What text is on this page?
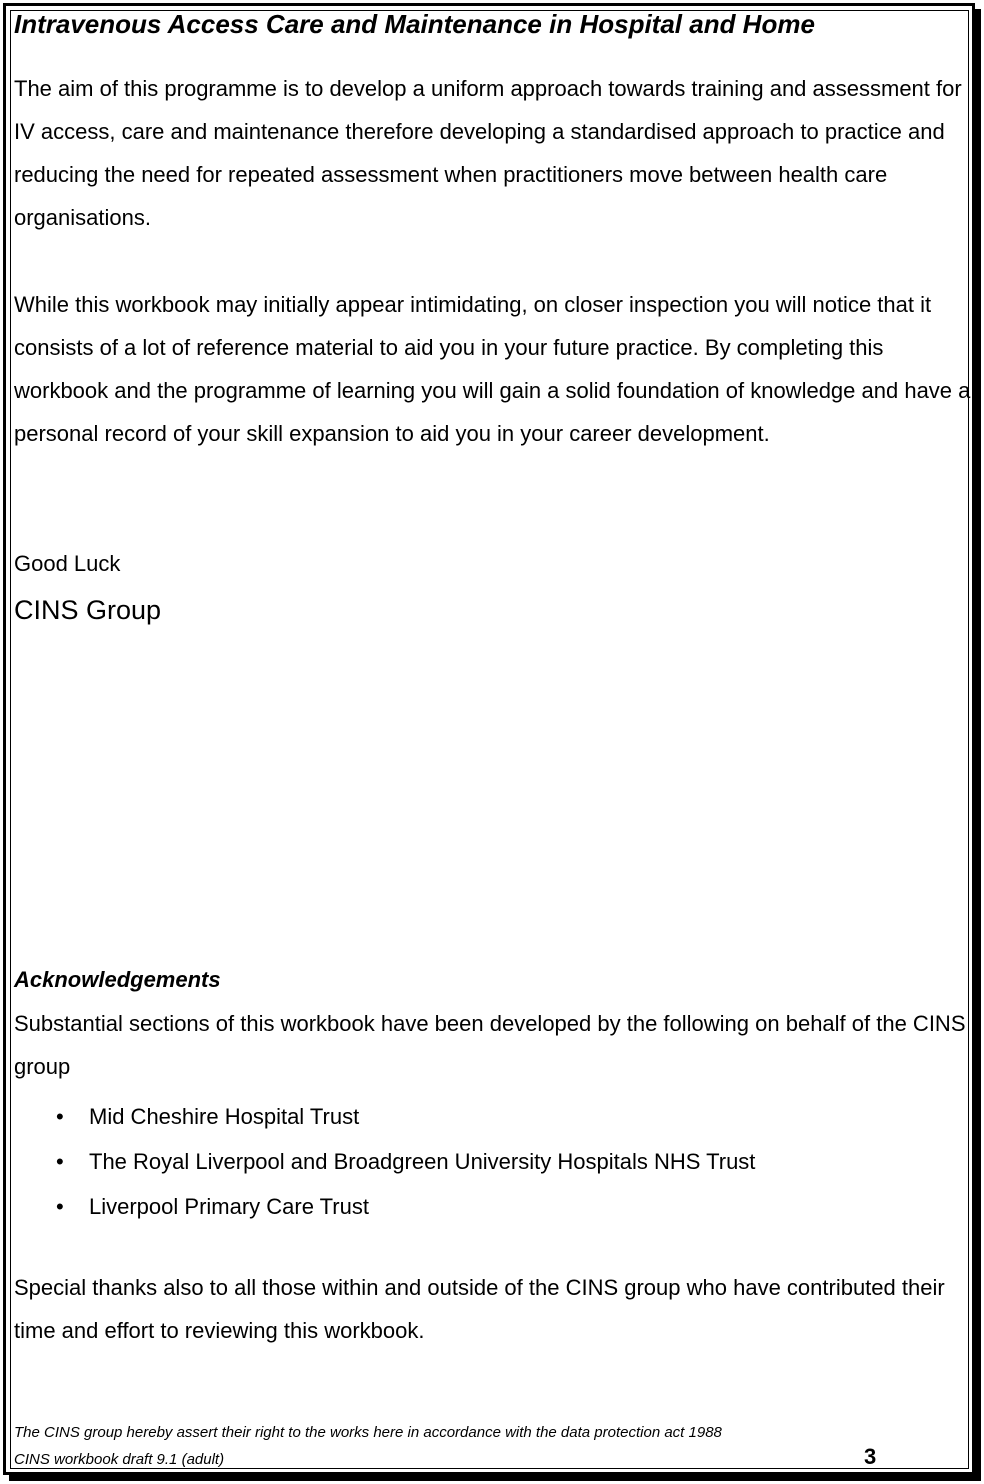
Intravenous Access Care and Maintenance in Hospital and Home

The aim of this programme is to develop a uniform approach towards training and assessment for IV access, care and maintenance therefore developing a standardised approach to practice and reducing the need for repeated assessment when practitioners move between health care organisations.

While this workbook may initially appear intimidating, on closer inspection you will notice that it consists of a lot of reference material to aid you in your future practice. By completing this workbook and the programme of learning you will gain a solid foundation of knowledge and have a personal record of your skill expansion to aid you in your career development.

Good Luck
CINS Group
Acknowledgements

Substantial sections of this workbook have been developed by the following on behalf of the CINS group

• Mid Cheshire Hospital Trust
• The Royal Liverpool and Broadgreen University Hospitals NHS Trust
• Liverpool Primary Care Trust

Special thanks also to all those within and outside of the CINS group who have contributed their time and effort to reviewing this workbook.

The CINS group hereby assert their right to the works here in accordance with the data protection act 1988
CINS workbook draft 9.1 (adult)	3
